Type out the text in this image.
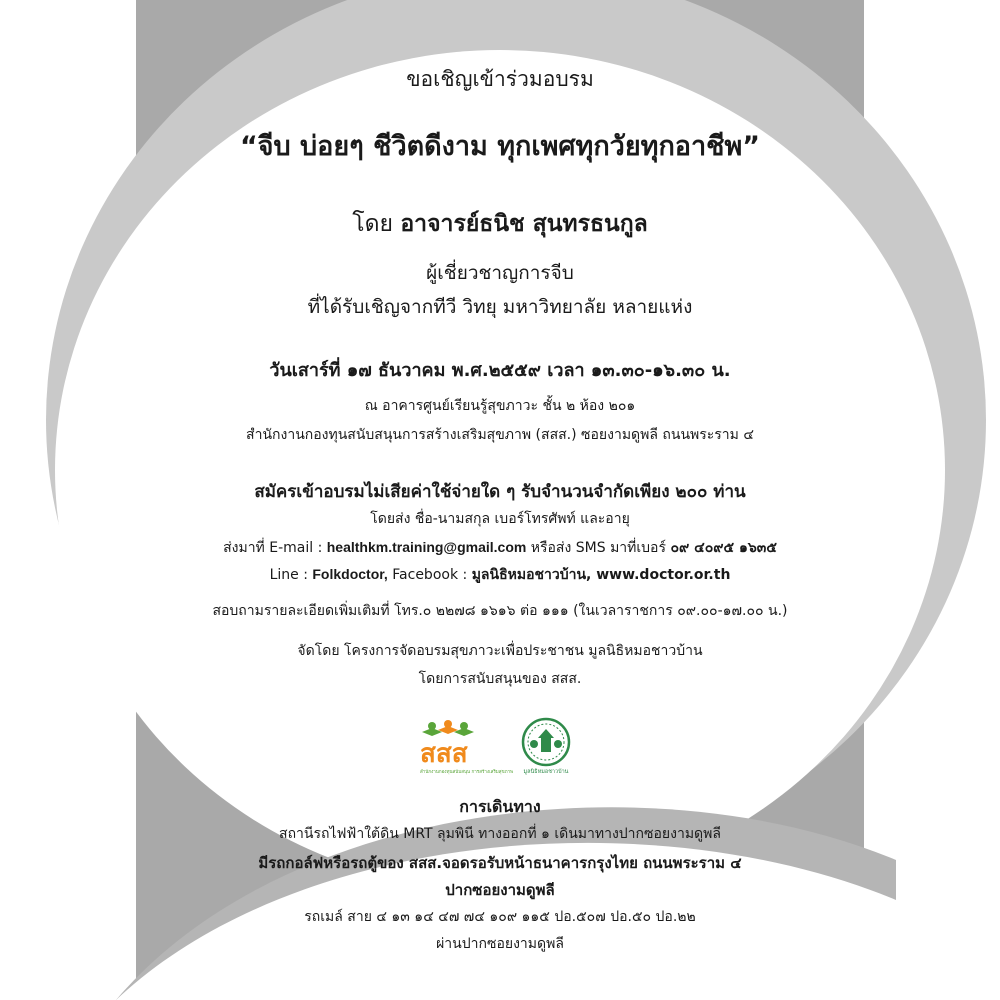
ขอเชิญเข้าร่วมอบรม
“จีบ บ่อยๆ ชีวิตดีงาม ทุกเพศทุกวัยทุกอาชีพ”
โดย อาจารย์ธนิช สุนทรธนกูล
ผู้เชี่ยวชาญการจีบ
ที่ได้รับเชิญจากทีวี วิทยุ มหาวิทยาลัย หลายแห่ง
วันเสาร์ที่ ๑๗ ธันวาคม พ.ศ.๒๕๕๙ เวลา ๑๓.๓๐-๑๖.๓๐ น.
ณ อาคารศูนย์เรียนรู้สุขภาวะ ชั้น ๒ ห้อง ๒๐๑
สำนักงานกองทุนสนับสนุนการสร้างเสริมสุขภาพ (สสส.) ซอยงามดูพลี ถนนพระราม ๔
สมัครเข้าอบรมไม่เสียค่าใช้จ่ายใด ๆ รับจำนวนจำกัดเพียง ๒๐๐ ท่าน
โดยส่ง ชื่อ-นามสกุล เบอร์โทรศัพท์ และอายุ
ส่งมาที่ E-mail : healthkm.training@gmail.com หรือส่ง SMS มาที่เบอร์ ๐๙ ๔๐๙๕ ๑๖๓๕
Line : Folkdoctor, Facebook : มูลนิธิหมอชาวบ้าน, www.doctor.or.th
สอบถามรายละเอียดเพิ่มเติมที่ โทร.๐ ๒๒๗๘ ๑๖๑๖ ต่อ ๑๑๑ (ในเวลาราชการ ๐๙.๐๐-๑๗.๐๐ น.)
จัดโดย โครงการจัดอบรมสุขภาวะเพื่อประชาชน มูลนิธิหมอชาวบ้าน
โดยการสนับสนุนของ สสส.
สสส
สำนักงานกองทุนสนับสนุน การสร้างเสริมสุขภาพ มูลนิธิหมอชาวบ้าน
การเดินทาง
สถานีรถไฟฟ้าใต้ดิน MRT ลุมพินี ทางออกที่ ๑ เดินมาทางปากซอยงามดูพลี
มีรถกอล์ฟหรือรถตู้ของ สสส.จอดรอรับหน้าธนาคารกรุงไทย ถนนพระราม ๔
ปากซอยงามดูพลี
รถเมล์ สาย ๔ ๑๓ ๑๔ ๔๗ ๗๔ ๑๐๙ ๑๑๕ ปอ.๕๐๗ ปอ.๕๐ ปอ.๒๒
ผ่านปากซอยงามดูพลี
